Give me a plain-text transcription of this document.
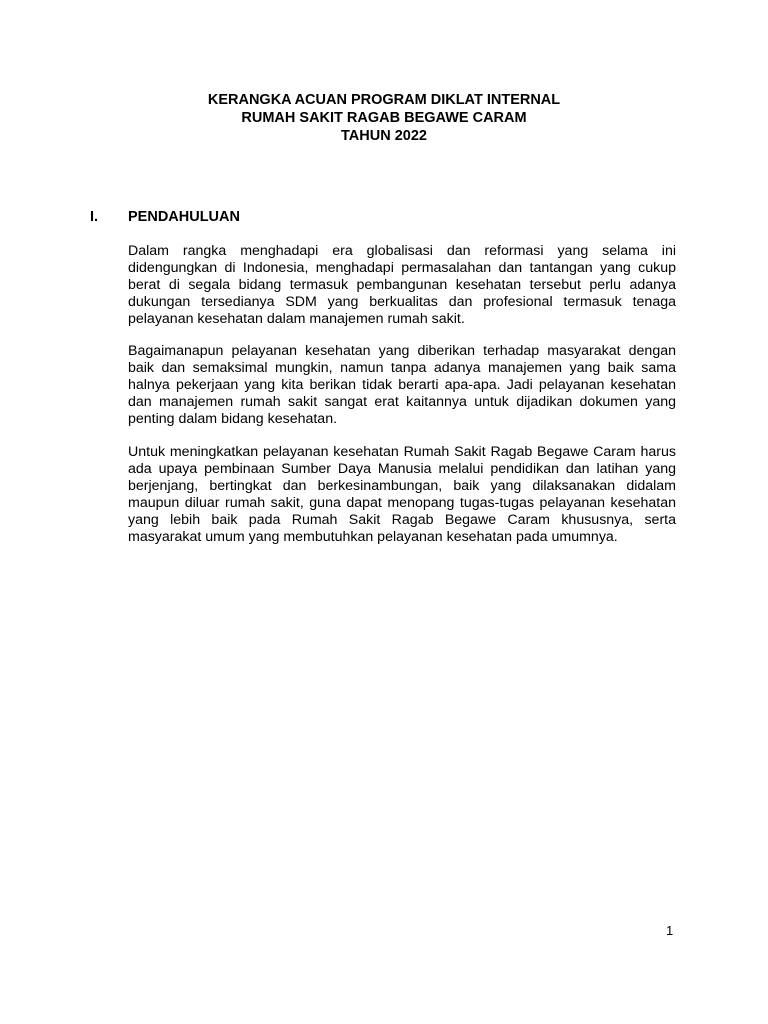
KERANGKA ACUAN PROGRAM DIKLAT INTERNAL
RUMAH SAKIT RAGAB BEGAWE CARAM
TAHUN 2022
I. PENDAHULUAN

Dalam rangka menghadapi era globalisasi dan reformasi yang selama ini didengungkan di Indonesia, menghadapi permasalahan dan tantangan yang cukup berat di segala bidang termasuk pembangunan kesehatan tersebut perlu adanya dukungan tersedianya SDM yang berkualitas dan profesional termasuk tenaga pelayanan kesehatan dalam manajemen rumah sakit.

Bagaimanapun pelayanan kesehatan yang diberikan terhadap masyarakat dengan baik dan semaksimal mungkin, namun tanpa adanya manajemen yang baik sama halnya pekerjaan yang kita berikan tidak berarti apa-apa. Jadi pelayanan kesehatan dan manajemen rumah sakit sangat erat kaitannya untuk dijadikan dokumen yang penting dalam bidang kesehatan.

Untuk meningkatkan pelayanan kesehatan Rumah Sakit Ragab Begawe Caram harus ada upaya pembinaan Sumber Daya Manusia melalui pendidikan dan latihan yang berjenjang, bertingkat dan berkesinambungan, baik yang dilaksanakan didalam maupun diluar rumah sakit, guna dapat menopang tugas-tugas pelayanan kesehatan yang lebih baik pada Rumah Sakit Ragab Begawe Caram khususnya, serta masyarakat umum yang membutuhkan pelayanan kesehatan pada umumnya.

1
